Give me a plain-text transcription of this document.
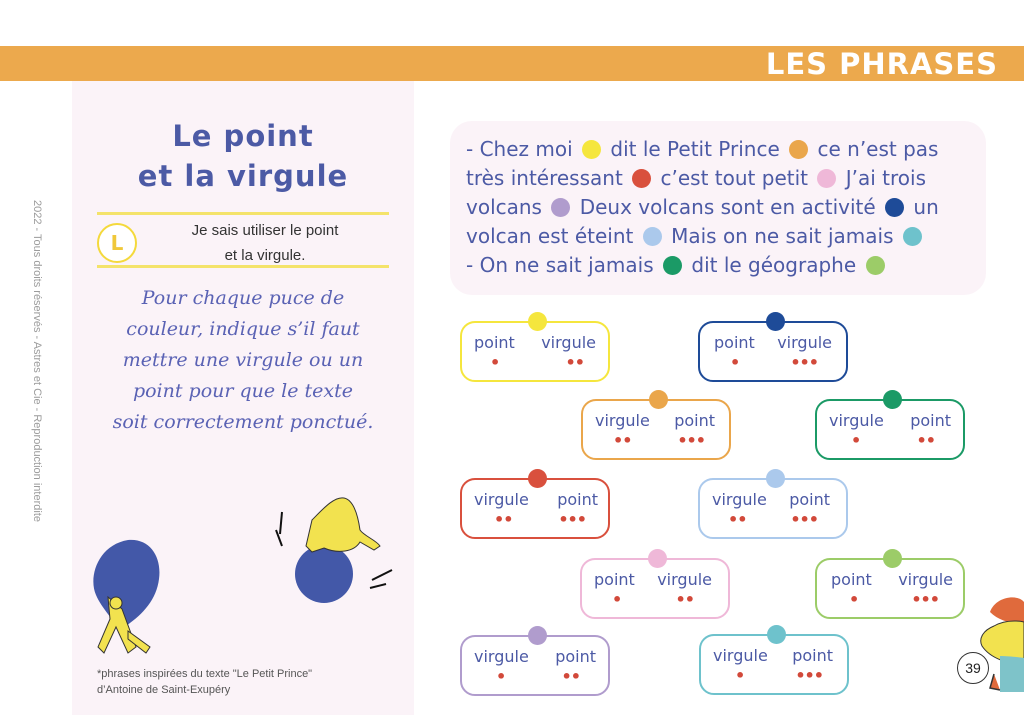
LES PHRASES
2022 - Tous droits réservés - Astres et Cie - Reproduction interdite
Le point
et la virgule
L
Je sais utiliser le point
et la virgule.
Pour chaque puce de
couleur, indique s’il faut
mettre une virgule ou un
point pour que le texte
soit correctement ponctué.
*phrases inspirées du texte "Le Petit Prince"
d’Antoine de Saint-Exupéry
- Chez moi dit le Petit Prince ce n’est pas
très intéressant c’est tout petit J’ai trois
volcans Deux volcans sont en activité un
volcan est éteint Mais on ne sait jamais
- On ne sait jamais dit le géographe
point virgule
•	••
point virgule
•	•••
virgule point
••	•••
virgule point
•	••
virgule point
••	•••
virgule point
••	•••
point virgule
•	••
point virgule
•	•••
virgule point
•	••
virgule point
•	•••	39
